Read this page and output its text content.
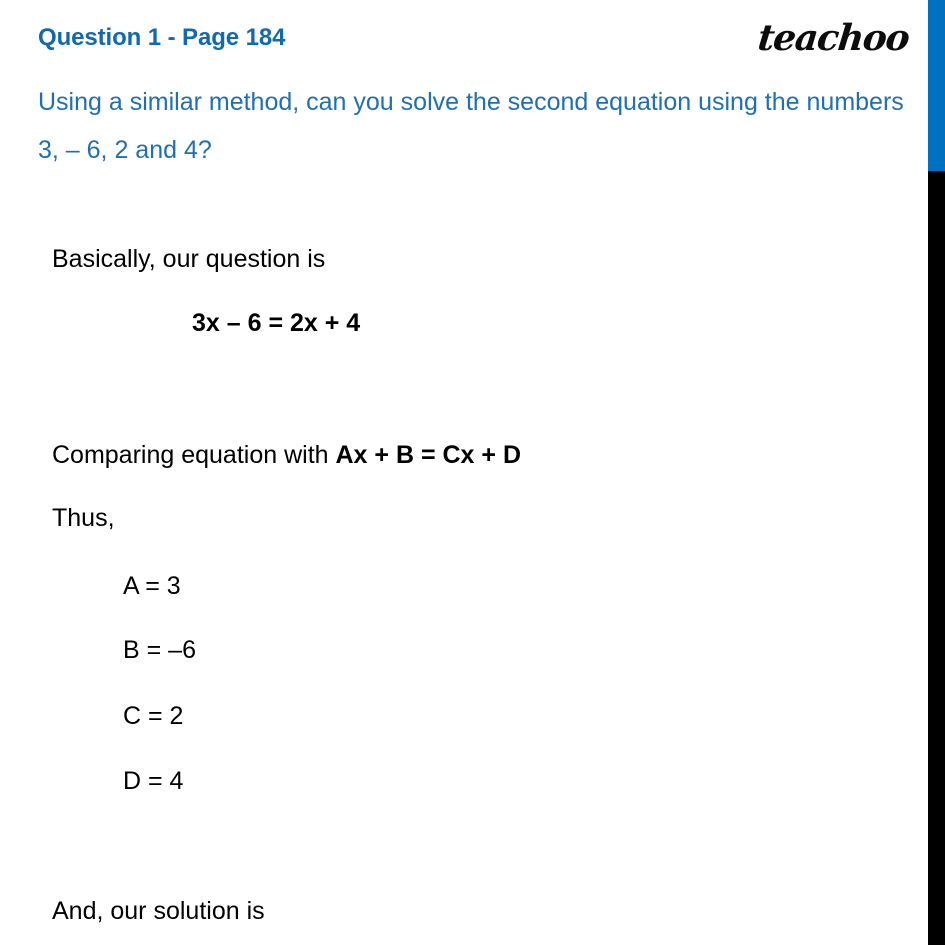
Question 1 - Page 184	teachoo
Using a similar method, can you solve the second equation using the numbers 3, – 6, 2 and 4?
Basically, our question is
3x – 6 = 2x + 4
Comparing equation with Ax + B = Cx + D
Thus,
A = 3
B = –6
C = 2
D = 4
And, our solution is
